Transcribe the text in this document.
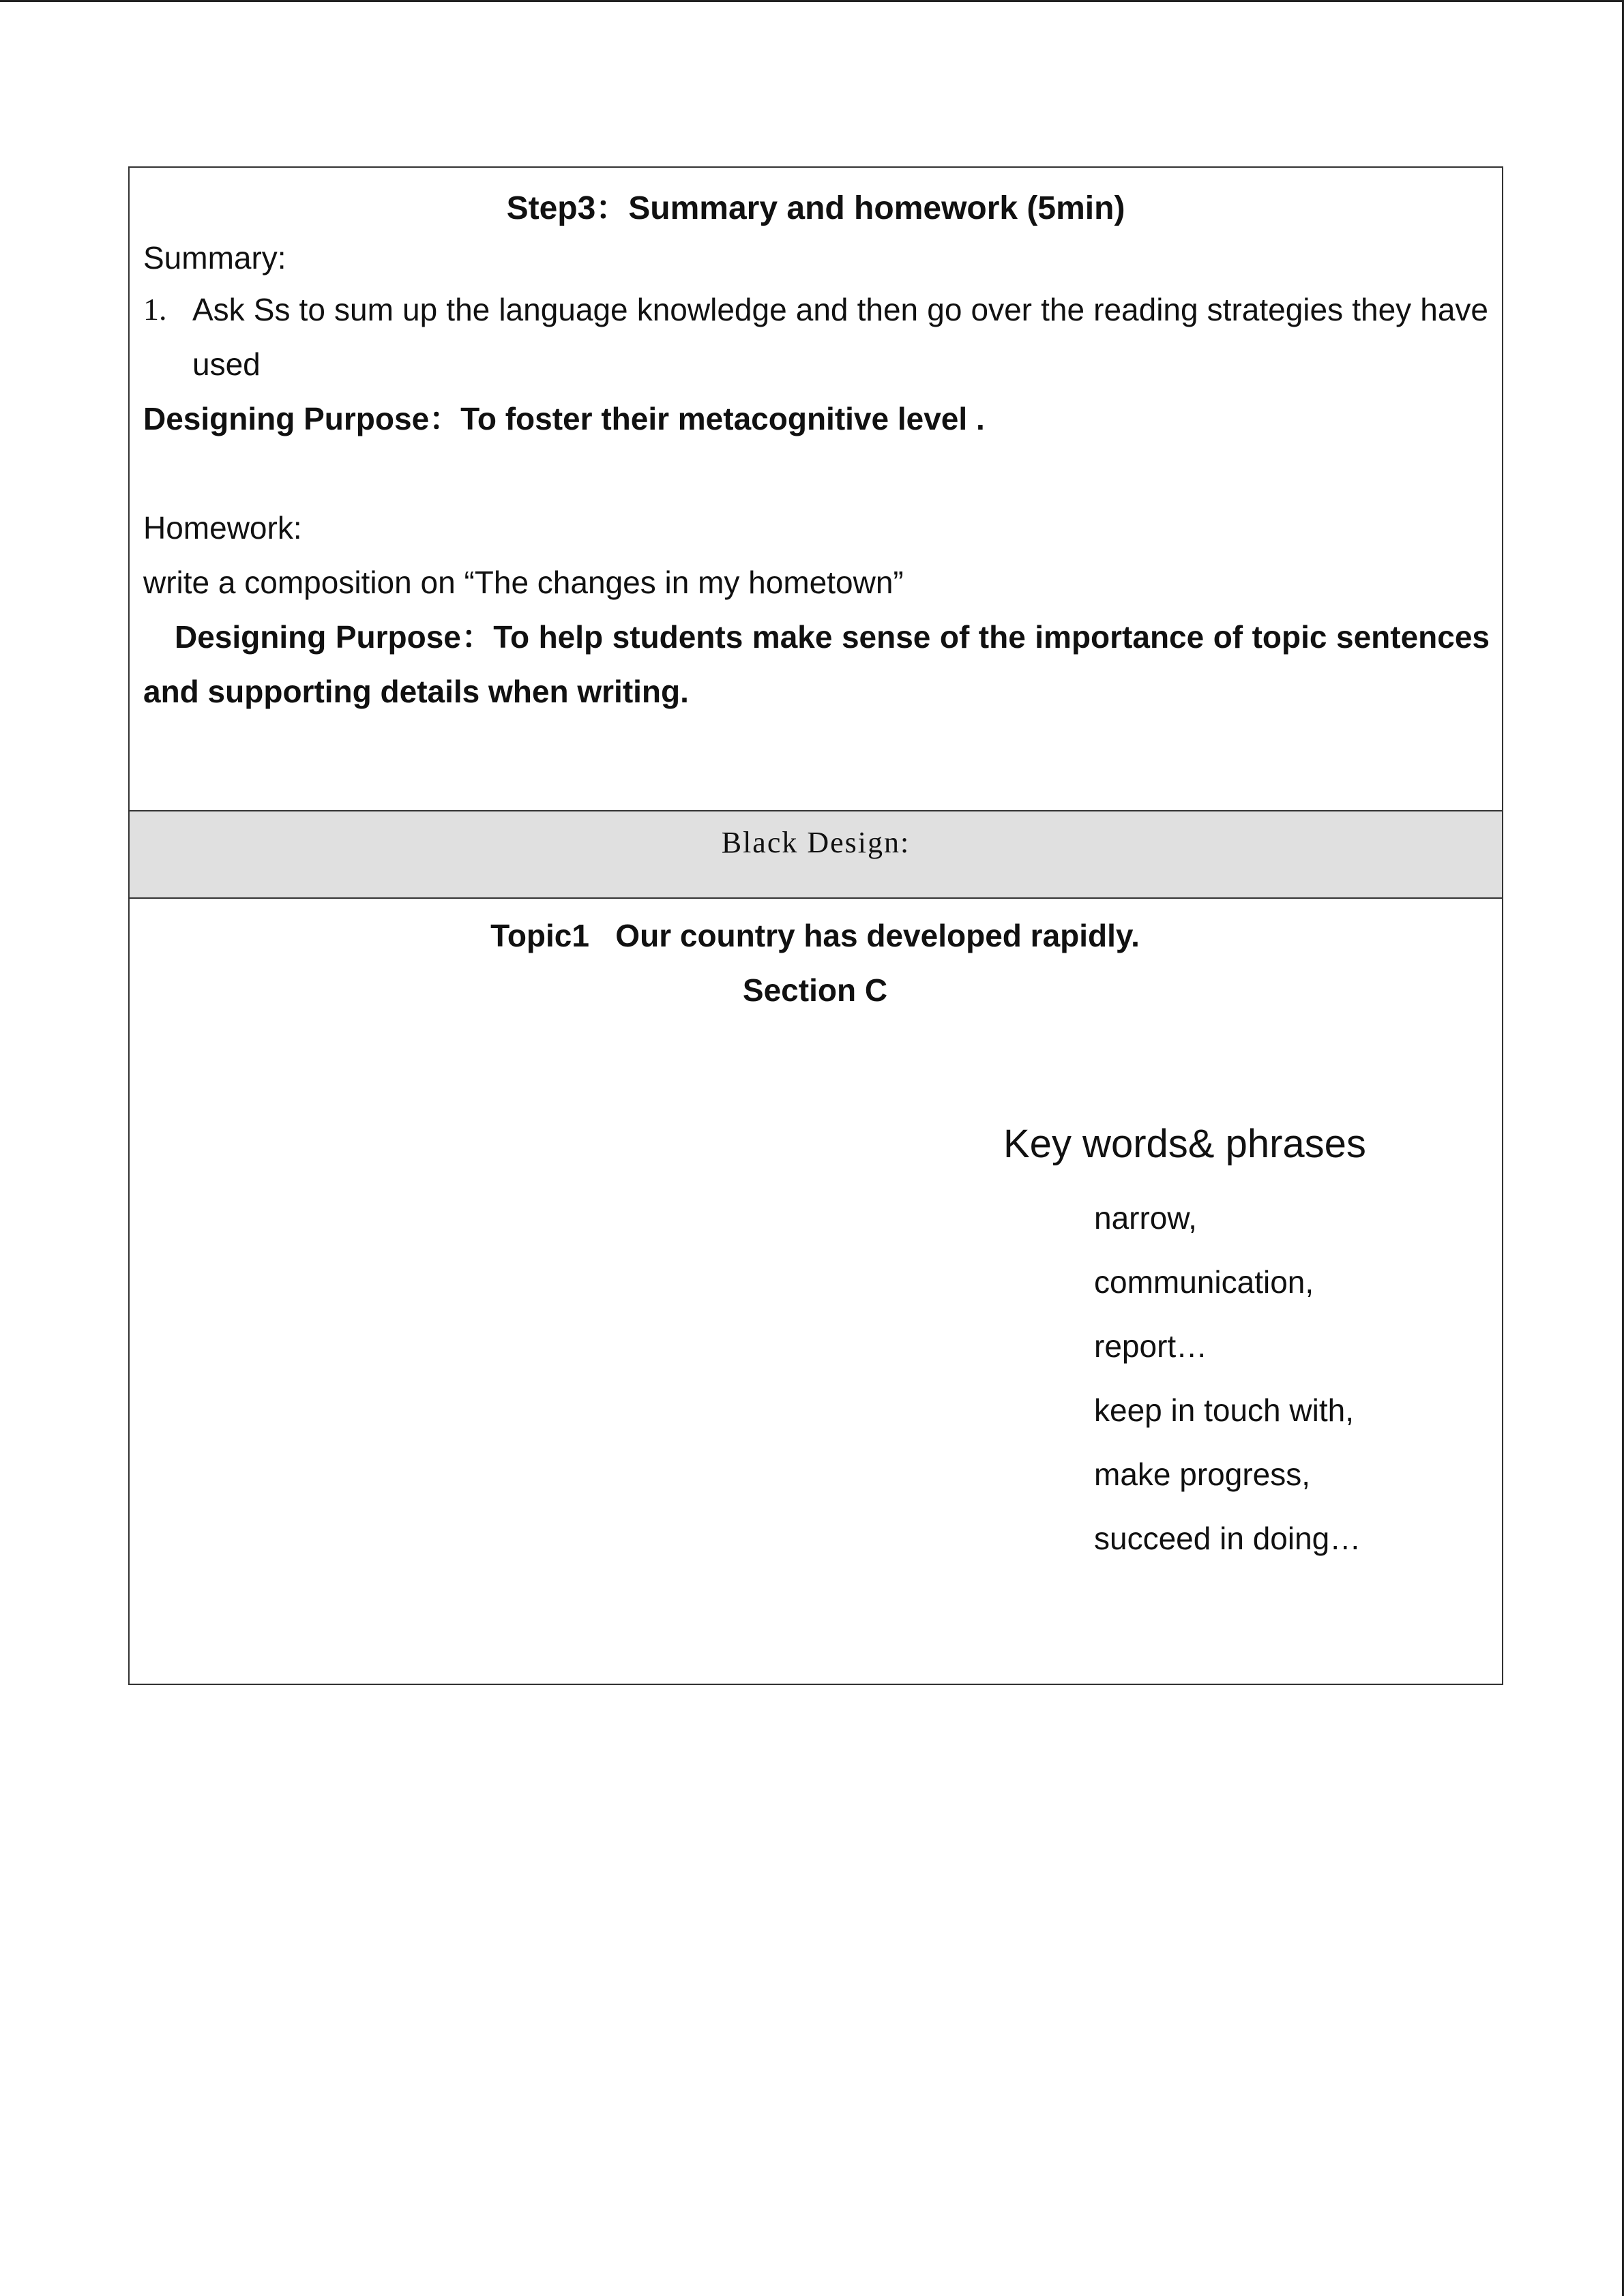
Step3：Summary and homework (5min)
Summary:
1. Ask Ss to sum up the language knowledge and then go over the reading strategies they have used
Designing Purpose：To foster their metacognitive level .
Homework:
write a composition on “The changes in my hometown”
Designing Purpose：To help students make sense of the importance of topic sentences and supporting details when writing.
Black Design:
Topic1   Our country has developed rapidly.
Section C
Key words& phrases
narrow,
communication,
report…
keep in touch with,
make progress,
succeed in doing…
